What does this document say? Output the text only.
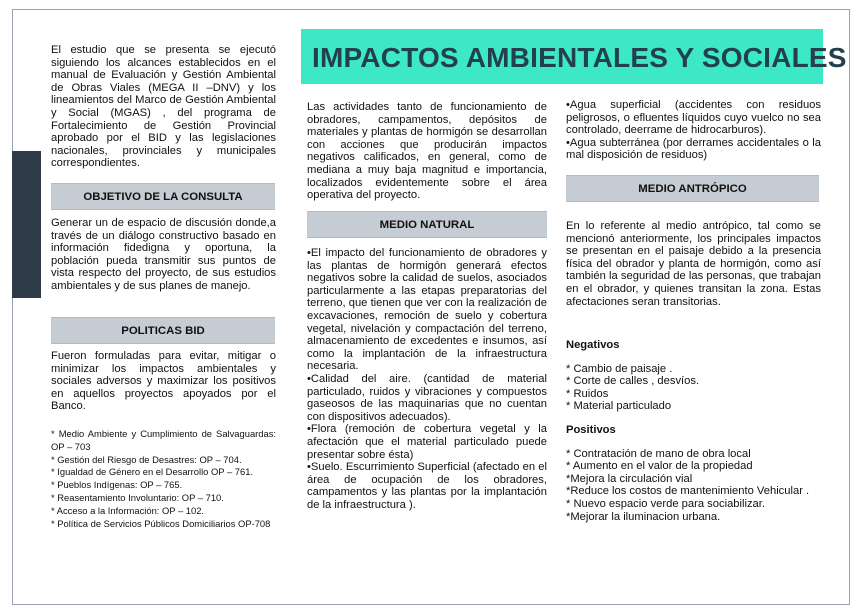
El estudio que se presenta se ejecutó siguiendo los alcances establecidos en el manual de Evaluación y Gestión Ambiental de Obras Viales (MEGA II –DNV) y los lineamientos del Marco de Gestión Ambiental y Social (MGAS) , del programa de Fortalecimiento de Gestión Provincial aprobado por el BID y las legislaciones nacionales, provinciales y municipales correspondientes.

OBJETIVO DE LA CONSULTA
Generar un de espacio de discusión donde,a través de un diálogo constructivo basado en información fidedigna y oportuna, la población pueda transmitir sus puntos de vista respecto del proyecto, de sus estudios ambientales y de sus planes de manejo.
POLITICAS BID
Fueron formuladas para evitar, mitigar o minimizar los impactos ambientales y sociales adversos y maximizar los positivos en aquellos proyectos apoyados por el Banco.
* Medio Ambiente y Cumplimiento de Salvaguardas: OP – 703
* Gestión del Riesgo de Desastres: OP – 704.
* Igualdad de Género en el Desarrollo OP – 761.
* Pueblos Indígenas: OP – 765.
* Reasentamiento Involuntario: OP – 710.
* Acceso a la Información: OP – 102.
* Política de Servicios Públicos Domiciliarios OP-708
IMPACTOS AMBIENTALES Y SOCIALES
Las actividades tanto de funcionamiento de obradores, campamentos, depósitos de materiales y plantas de hormigón se desarrollan con acciones que producirán impactos negativos calificados, en general, como de mediana a muy baja magnitud e importancia, localizados evidentemente sobre el área operativa del proyecto.
MEDIO NATURAL
•El impacto del funcionamiento de obradores y las plantas de hormigón generará efectos negativos sobre la calidad de suelos, asociados particularmente a las etapas preparatorias del terreno, que tienen que ver con la realización de excavaciones, remoción de suelo y cobertura vegetal, nivelación y compactación del terreno, almacenamiento de excedentes e insumos, así como la implantación de la infraestructura necesaria.
•Calidad del aire. (cantidad de material particulado, ruidos y vibraciones y compuestos gaseosos de las maquinarias que no cuentan con dispositivos adecuados).
•Flora (remoción de cobertura vegetal y la afectación que el material particulado puede presentar sobre ésta)
•Suelo. Escurrimiento Superficial (afectado en el área de ocupación de los obradores, campamentos y las plantas por la implantación de la infraestructura ).
•Agua superficial (accidentes con residuos peligrosos, o efluentes líquidos cuyo vuelco no sea controlado, deerrame de hidrocarburos).
•Agua subterránea (por derrames accidentales o la mal disposición de residuos)
MEDIO ANTRÓPICO
En lo referente al medio antrópico, tal como se mencionó anteriormente, los principales impactos se presentan en el paisaje debido a la presencia física del obrador y planta de hormigón, como así también la seguridad de las personas, que trabajan en el obrador, y quienes transitan la zona. Estas afectaciones seran transitorias.

Negativos

* Cambio de paisaje .
* Corte de calles , desvíos.
* Ruidos
* Material particulado

Positivos

* Contratación de mano de obra local
* Aumento en el valor de la propiedad
*Mejora la circulación vial
*Reduce los costos de mantenimiento Vehicular .
* Nuevo espacio verde para sociabilizar.
*Mejorar la iluminacion urbana.
